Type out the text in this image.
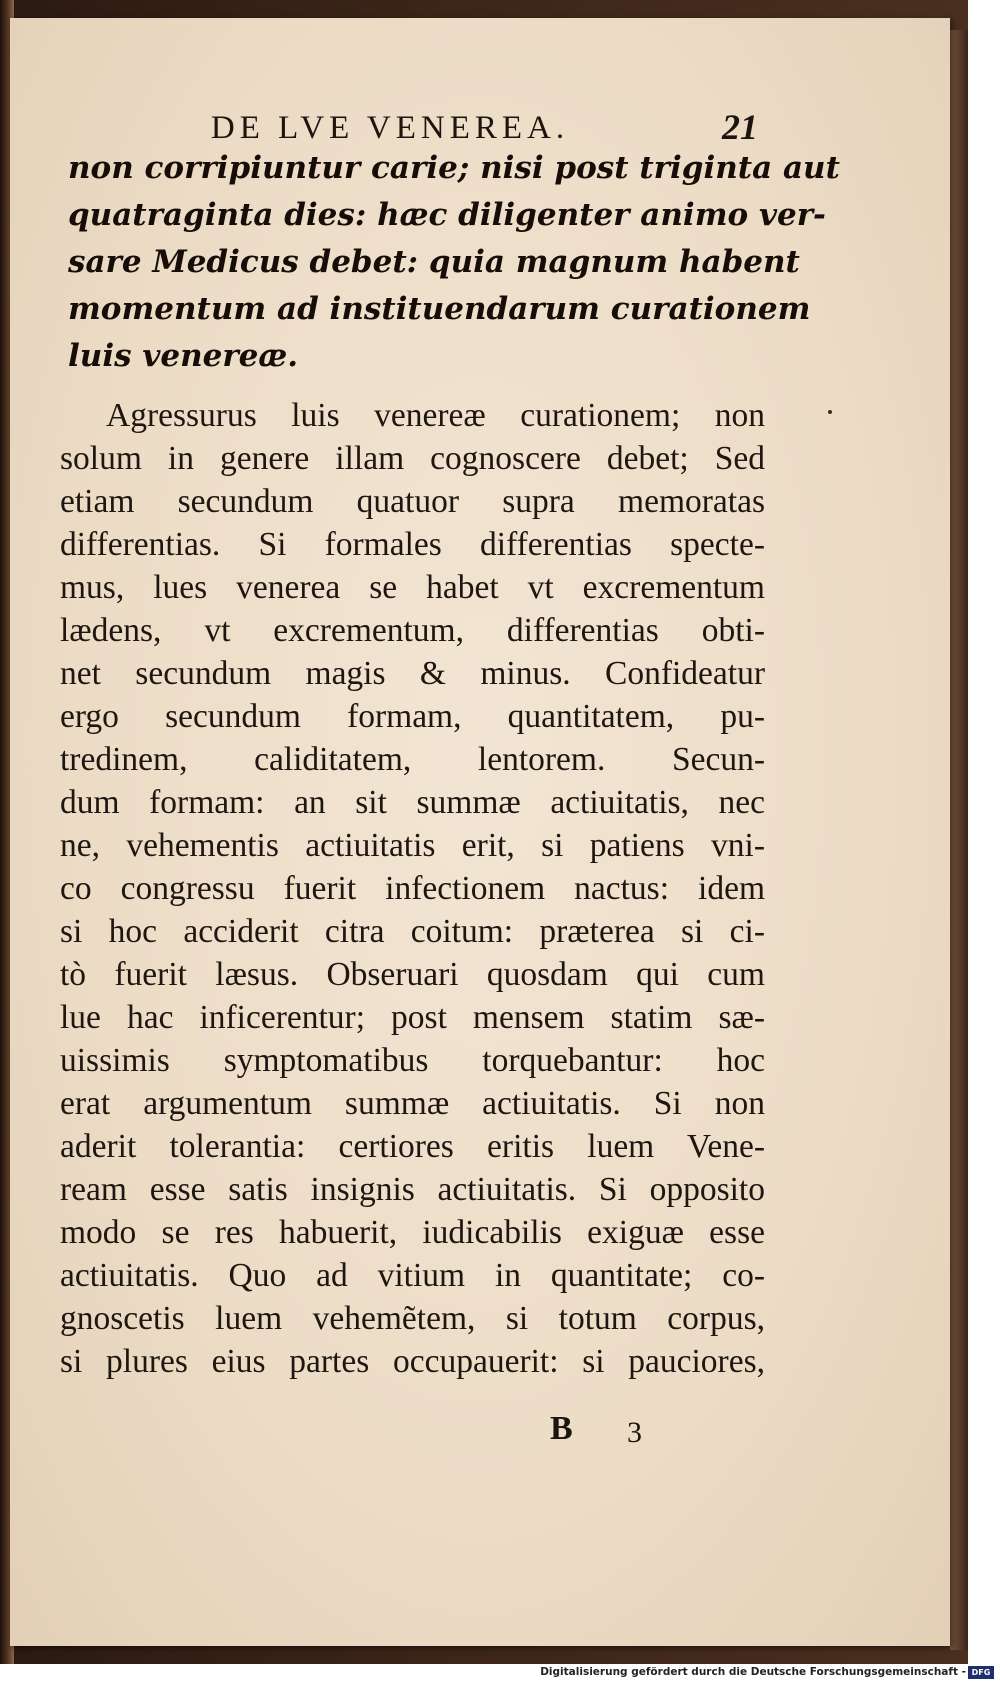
DE LVE VENEREA.	21
non corripiuntur carie; nisi post triginta aut
quatraginta dies: hæc diligenter animo ver-
sare Medicus debet: quia magnum habent
momentum ad instituendarum curationem
luis venereæ.
Agressurus luis venereæ curationem; non
solum in genere illam cognoscere debet; Sed
etiam secundum quatuor supra memoratas
differentias. Si formales differentias specte-
mus, lues venerea se habet vt excrementum
lædens, vt excrementum, differentias obti-
net secundum magis & minus. Confideatur
ergo secundum formam, quantitatem, pu-
tredinem, caliditatem, lentorem. Secun-
dum formam: an sit summæ actiuitatis, nec
ne, vehementis actiuitatis erit, si patiens vni-
co congressu fuerit infectionem nactus: idem
si hoc acciderit citra coitum: præterea si ci-
tò fuerit læsus. Obseruari quosdam qui cum
lue hac inficerentur; post mensem statim sæ-
uissimis symptomatibus torquebantur: hoc
erat argumentum summæ actiuitatis. Si non
aderit tolerantia: certiores eritis luem Vene-
ream esse satis insignis actiuitatis. Si opposito
modo se res habuerit, iudicabilis exiguæ esse
actiuitatis. Quo ad vitium in quantitate; co-
gnoscetis luem vehemẽtem, si totum corpus,
si plures eius partes occupauerit: si pauciores,
B 3
Digitalisierung gefördert durch die Deutsche Forschungsgemeinschaft - DFG
